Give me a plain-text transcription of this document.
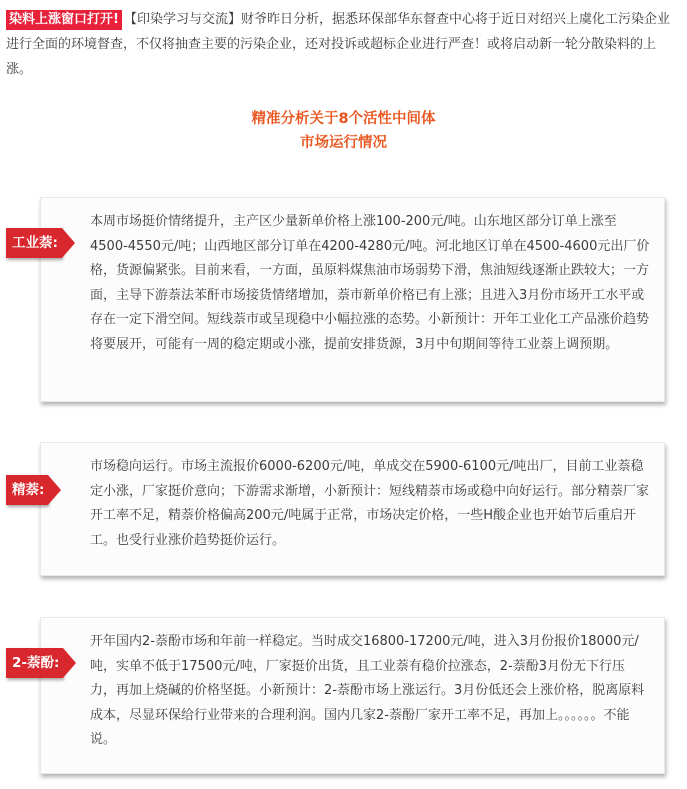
染料上涨窗口打开! 【印染学习与交流】财爷昨日分析，据悉环保部华东督查中心将于近日对绍兴上虞化工污染企业进行全面的环境督查，不仅将抽查主要的污染企业，还对投诉或超标企业进行严查！或将启动新一轮分散染料的上涨。
精准分析关于8个活性中间体
市场运行情况
本周市场挺价情绪提升，主产区少量新单价格上涨100-200元/吨。山东地区部分订单上涨至4500-4550元/吨；山西地区部分订单在4200-4280元/吨。河北地区订单在4500-4600元出厂价格，货源偏紧张。目前来看，一方面，虽原料煤焦油市场弱势下滑，焦油短线逐渐止跌较大；一方面，主导下游萘法苯酐市场接货情绪增加，萘市新单价格已有上涨；且进入3月份市场开工水平或存在一定下滑空间。短线萘市或呈现稳中小幅拉涨的态势。小新预计：开年工业化工产品涨价趋势将要展开，可能有一周的稳定期或小涨，提前安排货源，3月中旬期间等待工业萘上调预期。
工业萘:
市场稳向运行。市场主流报价6000-6200元/吨，单成交在5900-6100元/吨出厂，目前工业萘稳定小涨，厂家挺价意向；下游需求渐增，小新预计：短线精萘市场或稳中向好运行。部分精萘厂家开工率不足，精萘价格偏高200元/吨属于正常，市场决定价格，一些H酸企业也开始节后重启开工。也受行业涨价趋势挺价运行。
精萘:
开年国内2-萘酚市场和年前一样稳定。当时成交16800-17200元/吨，进入3月份报价18000元/吨，实单不低于17500元/吨，厂家挺价出货，且工业萘有稳价拉涨态，2-萘酚3月份无下行压力，再加上烧碱的价格坚挺。小新预计：2-萘酚市场上涨运行。3月份低还会上涨价格，脱离原料成本，尽显环保给行业带来的合理利润。国内几家2-萘酚厂家开工率不足，再加上。。。。。。不能说。
2-萘酚:
